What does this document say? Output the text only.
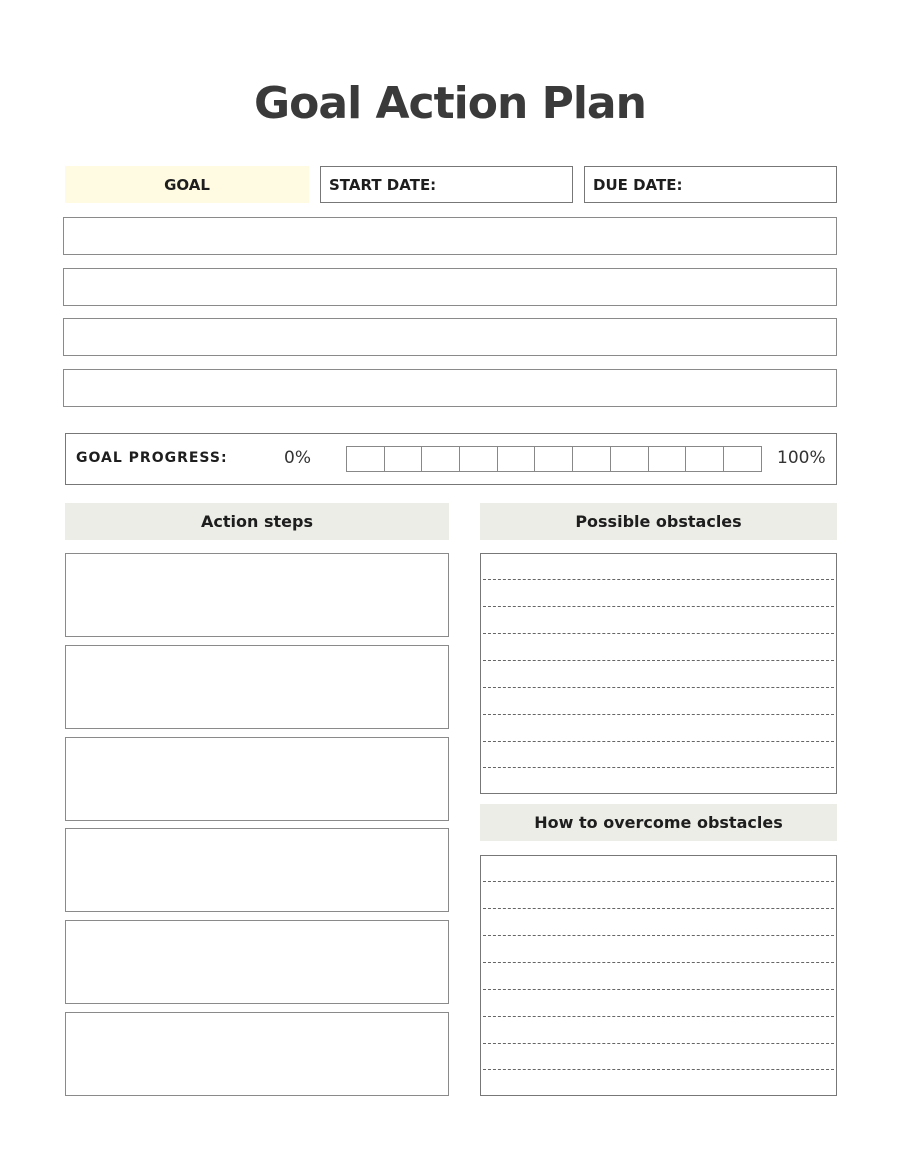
Goal Action Plan
GOAL	START DATE:	DUE DATE:
GOAL PROGRESS:	0%	100%
Action steps	Possible obstacles
How to overcome obstacles
